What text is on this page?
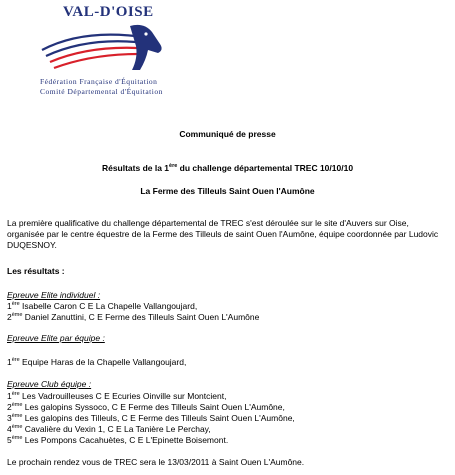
VAL-D'OISE
Fédération Française d'Équitation
Comité Départemental d'Équitation
Communiqué de presse
Résultats de la 1ère du challenge départemental TREC 10/10/10
La Ferme des Tilleuls Saint Ouen l'Aumône
La première qualificative du challenge départemental de TREC s'est déroulée sur le site d'Auvers sur Oise, organisée par le centre équestre de la Ferme des Tilleuls de saint Ouen l'Aumône, équipe coordonnée par Ludovic DUQESNOY.
Les résultats :
Epreuve Elite individuel :
1ère Isabelle Caron C E La Chapelle Vallangoujard,
2ème Daniel Zanuttini, C E Ferme des Tilleuls Saint Ouen L'Aumône
Epreuve Elite par équipe :
1ère Equipe Haras de la Chapelle Vallangoujard,
Epreuve Club équipe :
1ère Les Vadrouilleuses C E Ecuries Oinville sur Montcient,
2ème Les galopins Syssoco, C E Ferme des Tilleuls Saint Ouen L'Aumône,
3ème Les galopins des Tilleuls, C E Ferme des Tilleuls Saint Ouen L'Aumône,
4ème Cavalière du Vexin 1, C E La Tanière Le Perchay,
5ème Les Pompons Cacahuètes, C E L'Epinette Boisemont.
Le prochain rendez vous de TREC sera le 13/03/2011 à Saint Ouen L'Aumône.
